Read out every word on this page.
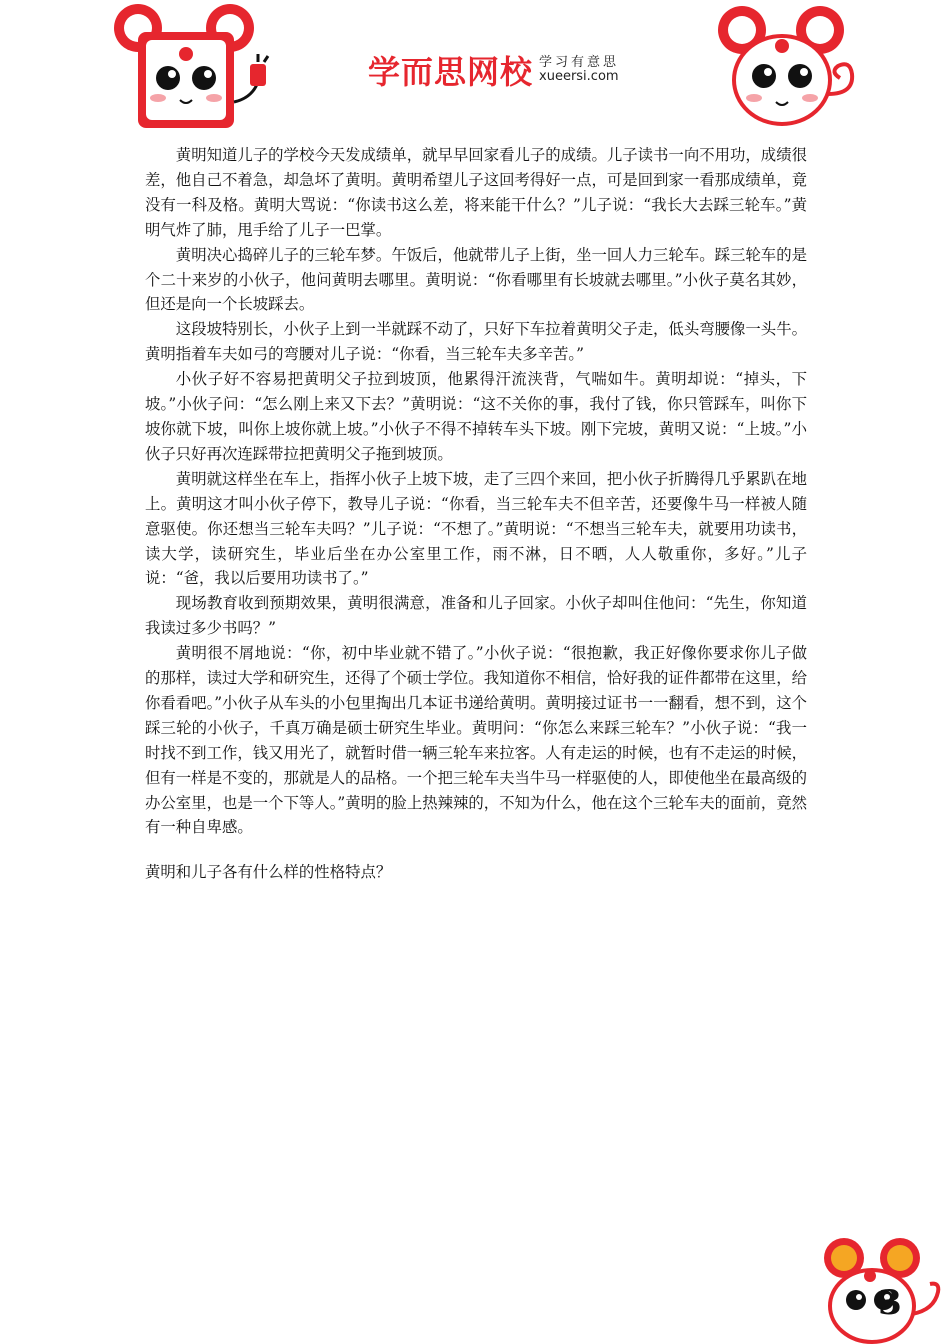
学而思网校 学习有意思
xueersi.com

黄明知道儿子的学校今天发成绩单，就早早回家看儿子的成绩。儿子读书一向不用功，成绩很差，他自己不着急，却急坏了黄明。黄明希望儿子这回考得好一点，可是回到家一看那成绩单，竟没有一科及格。黄明大骂说：“你读书这么差，将来能干什么？”儿子说：“我长大去踩三轮车。”黄明气炸了肺，甩手给了儿子一巴掌。

黄明决心捣碎儿子的三轮车梦。午饭后，他就带儿子上街，坐一回人力三轮车。踩三轮车的是个二十来岁的小伙子，他问黄明去哪里。黄明说：“你看哪里有长坡就去哪里。”小伙子莫名其妙，但还是向一个长坡踩去。

这段坡特别长，小伙子上到一半就踩不动了，只好下车拉着黄明父子走，低头弯腰像一头牛。黄明指着车夫如弓的弯腰对儿子说：“你看，当三轮车夫多辛苦。”

小伙子好不容易把黄明父子拉到坡顶，他累得汗流浃背，气喘如牛。黄明却说：“掉头，下坡。”小伙子问：“怎么刚上来又下去？”黄明说：“这不关你的事，我付了钱，你只管踩车，叫你下坡你就下坡，叫你上坡你就上坡。”小伙子不得不掉转车头下坡。刚下完坡，黄明又说：“上坡。”小伙子只好再次连踩带拉把黄明父子拖到坡顶。

黄明就这样坐在车上，指挥小伙子上坡下坡，走了三四个来回，把小伙子折腾得几乎累趴在地上。黄明这才叫小伙子停下，教导儿子说：“你看，当三轮车夫不但辛苦，还要像牛马一样被人随意驱使。你还想当三轮车夫吗？”儿子说：“不想了。”黄明说：“不想当三轮车夫，就要用功读书，读大学，读研究生，毕业后坐在办公室里工作，雨不淋，日不晒，人人敬重你，多好。”儿子说：“爸，我以后要用功读书了。”

现场教育收到预期效果，黄明很满意，准备和儿子回家。小伙子却叫住他问：“先生，你知道我读过多少书吗？”

黄明很不屑地说：“你，初中毕业就不错了。”小伙子说：“很抱歉，我正好像你要求你儿子做的那样，读过大学和研究生，还得了个硕士学位。我知道你不相信，恰好我的证件都带在这里，给你看看吧。”小伙子从车头的小包里掏出几本证书递给黄明。黄明接过证书一一翻看，想不到，这个踩三轮的小伙子，千真万确是硕士研究生毕业。黄明问：“你怎么来踩三轮车？”小伙子说：“我一时找不到工作，钱又用光了，就暂时借一辆三轮车来拉客。人有走运的时候，也有不走运的时候，但有一样是不变的，那就是人的品格。一个把三轮车夫当牛马一样驱使的人，即使他坐在最高级的办公室里，也是一个下等人。”黄明的脸上热辣辣的，不知为什么，他在这个三轮车夫的面前，竟然有一种自卑感。

黄明和儿子各有什么样的性格特点？

3
